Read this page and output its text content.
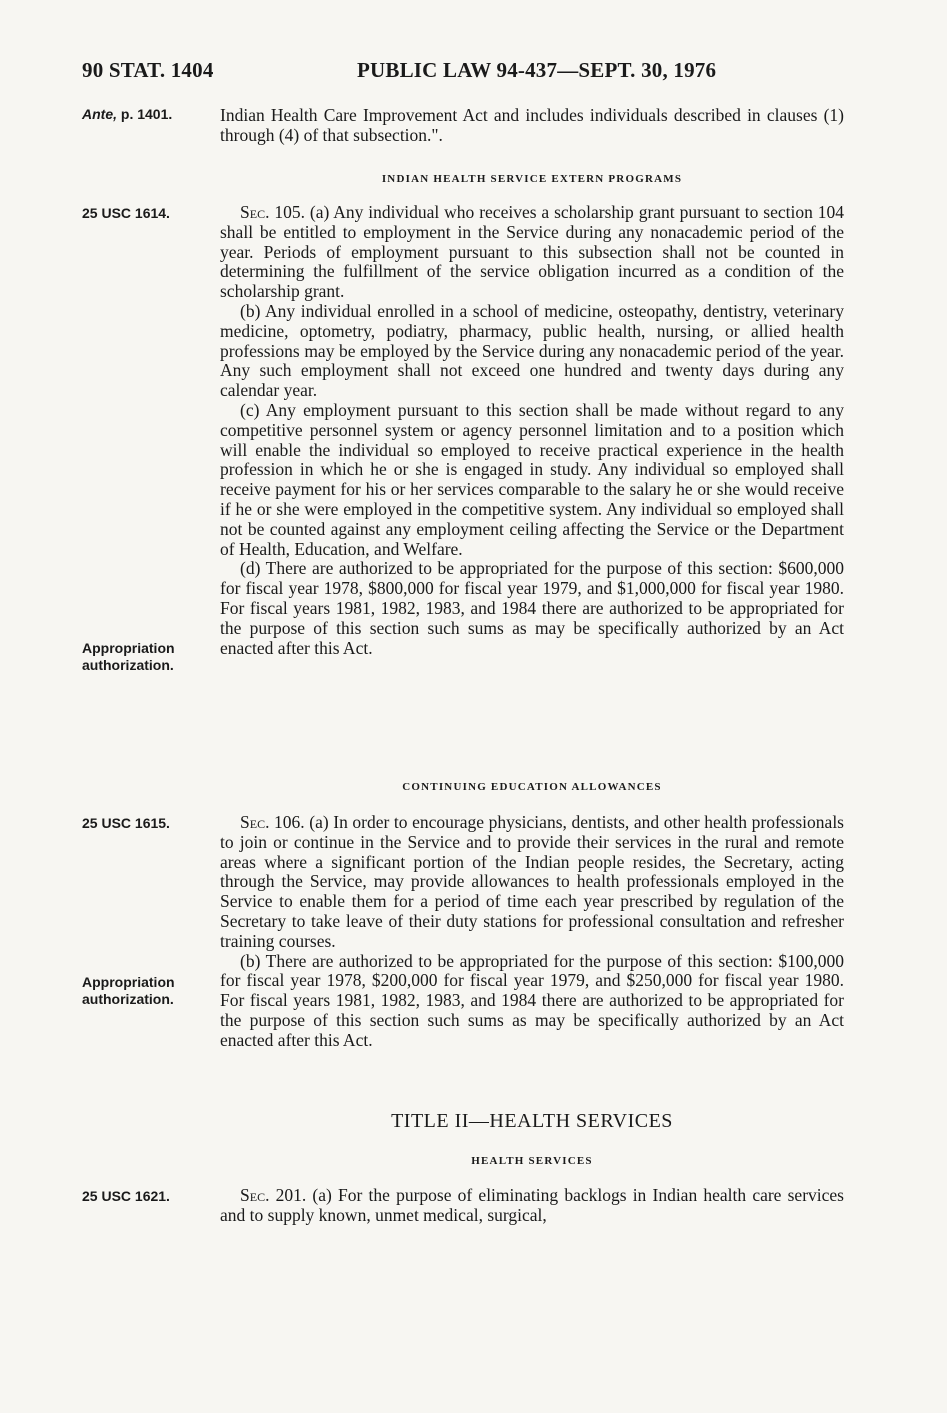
90 STAT. 1404	PUBLIC LAW 94-437—SEPT. 30, 1976
Ante, p. 1401.
25 USC 1614.
Appropriation authorization.
25 USC 1615.
Appropriation authorization.
25 USC 1621.

Indian Health Care Improvement Act and includes individuals described in clauses (1) through (4) of that subsection.".

INDIAN HEALTH SERVICE EXTERN PROGRAMS

Sec. 105. (a) Any individual who receives a scholarship grant pursuant to section 104 shall be entitled to employment in the Service during any nonacademic period of the year. Periods of employment pursuant to this subsection shall not be counted in determining the fulfillment of the service obligation incurred as a condition of the scholarship grant.

(b) Any individual enrolled in a school of medicine, osteopathy, dentistry, veterinary medicine, optometry, podiatry, pharmacy, public health, nursing, or allied health professions may be employed by the Service during any nonacademic period of the year. Any such employment shall not exceed one hundred and twenty days during any calendar year.

(c) Any employment pursuant to this section shall be made without regard to any competitive personnel system or agency personnel limitation and to a position which will enable the individual so employed to receive practical experience in the health profession in which he or she is engaged in study. Any individual so employed shall receive payment for his or her services comparable to the salary he or she would receive if he or she were employed in the competitive system. Any individual so employed shall not be counted against any employment ceiling affecting the Service or the Department of Health, Education, and Welfare.

(d) There are authorized to be appropriated for the purpose of this section: $600,000 for fiscal year 1978, $800,000 for fiscal year 1979, and $1,000,000 for fiscal year 1980. For fiscal years 1981, 1982, 1983, and 1984 there are authorized to be appropriated for the purpose of this section such sums as may be specifically authorized by an Act enacted after this Act.

CONTINUING EDUCATION ALLOWANCES

Sec. 106. (a) In order to encourage physicians, dentists, and other health professionals to join or continue in the Service and to provide their services in the rural and remote areas where a significant portion of the Indian people resides, the Secretary, acting through the Service, may provide allowances to health professionals employed in the Service to enable them for a period of time each year prescribed by regulation of the Secretary to take leave of their duty stations for professional consultation and refresher training courses.

(b) There are authorized to be appropriated for the purpose of this section: $100,000 for fiscal year 1978, $200,000 for fiscal year 1979, and $250,000 for fiscal year 1980. For fiscal years 1981, 1982, 1983, and 1984 there are authorized to be appropriated for the purpose of this section such sums as may be specifically authorized by an Act enacted after this Act.

TITLE II—HEALTH SERVICES
HEALTH SERVICES

Sec. 201. (a) For the purpose of eliminating backlogs in Indian health care services and to supply known, unmet medical, surgical,
